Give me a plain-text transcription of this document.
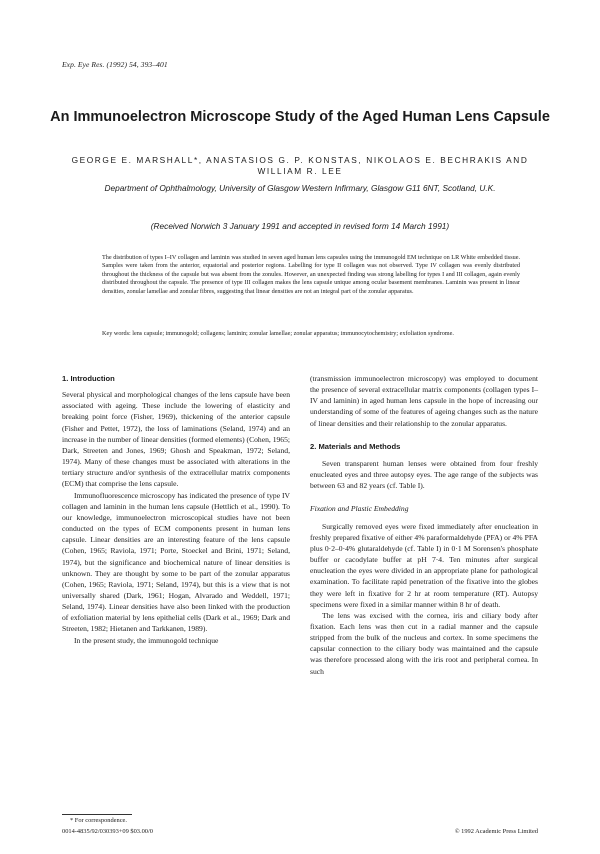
Exp. Eye Res. (1992) 54, 393–401
An Immunoelectron Microscope Study of the Aged Human Lens Capsule
GEORGE E. MARSHALL*, ANASTASIOS G. P. KONSTAS, NIKOLAOS E. BECHRAKIS AND WILLIAM R. LEE
Department of Ophthalmology, University of Glasgow Western Infirmary, Glasgow G11 6NT, Scotland, U.K.
(Received Norwich 3 January 1991 and accepted in revised form 14 March 1991)

The distribution of types I–IV collagen and laminin was studied in seven aged human lens capsules using the immunogold EM technique on LR White embedded tissue. Samples were taken from the anterior, equatorial and posterior regions. Labelling for type II collagen was not observed. Type IV collagen was evenly distributed throughout the thickness of the capsule but was absent from the zonules. However, an unexpected finding was strong labelling for types I and III collagen, again evenly distributed throughout the capsule. The presence of type III collagen makes the lens capsule unique among ocular basement membranes. Laminin was present in linear densities, zonular lamellae and zonular fibres, suggesting that linear densities are not an integral part of the zonular apparatus.

Key words: lens capsule; immunogold; collagens; laminin; zonular lamellae; zonular apparatus; immunocytochemistry; exfoliation syndrome.
1. Introduction

Several physical and morphological changes of the lens capsule have been associated with ageing. These include the lowering of elasticity and breaking point force (Fisher, 1969), thickening of the anterior capsule (Fisher and Pettet, 1972), the loss of laminations (Seland, 1974) and an increase in the number of linear densities (formed elements) (Cohen, 1965; Dark, Streeten and Jones, 1969; Ghosh and Speakman, 1972; Seland, 1974). Many of these changes must be associated with alterations in the tertiary structure and/or synthesis of the extracellular matrix components (ECM) that comprise the lens capsule.

Immunofluorescence microscopy has indicated the presence of type IV collagen and laminin in the human lens capsule (Hettlich et al., 1990). To our knowledge, immunoelectron microscopical studies have not been conducted on the types of ECM components present in human lens capsule. Linear densities are an interesting feature of the lens capsule (Cohen, 1965; Raviola, 1971; Porte, Stoeckel and Brini, 1971; Seland, 1974), but the significance and biochemical nature of linear densities is unknown. They are thought by some to be part of the zonular apparatus (Cohen, 1965; Raviola, 1971; Seland, 1974), but this is a view that is not universally shared (Dark, 1961; Hogan, Alvarado and Weddell, 1971; Seland, 1974). Linear densities have also been linked with the production of exfoliation material by lens epithelial cells (Dark et al., 1969; Dark and Streeten, 1982; Hietanen and Tarkkanen, 1989).

In the present study, the immunogold technique

* For correspondence.
0014-4835/92/030393+09 $03.00/0

(transmission immunoelectron microscopy) was employed to document the presence of several extracellular matrix components (collagen types I–IV and laminin) in aged human lens capsule in the hope of increasing our understanding of some of the features of ageing changes such as the nature of linear densities and their relationship to the zonular apparatus.

2. Materials and Methods

Seven transparent human lenses were obtained from four freshly enucleated eyes and three autopsy eyes. The age range of the subjects was between 63 and 82 years (cf. Table I).

Fixation and Plastic Embedding

Surgically removed eyes were fixed immediately after enucleation in freshly prepared fixative of either 4% paraformaldehyde (PFA) or 4% PFA plus 0·2–0·4% glutaraldehyde (cf. Table I) in 0·1 M Sorensen's phosphate buffer or cacodylate buffer at pH 7·4. Ten minutes after surgical enucleation the eyes were divided in an appropriate plane for pathological examination. To facilitate rapid penetration of the fixative into the globes they were left in fixative for 2 hr at room temperature (RT). Autopsy specimens were fixed in a similar manner within 8 hr of death.

The lens was excised with the cornea, iris and ciliary body after fixation. Each lens was then cut in a radial manner and the capsule stripped from the bulk of the nucleus and cortex. In some specimens the capsular connection to the ciliary body was maintained and the capsule was therefore processed along with the iris root and peripheral cornea. In such

© 1992 Academic Press Limited
